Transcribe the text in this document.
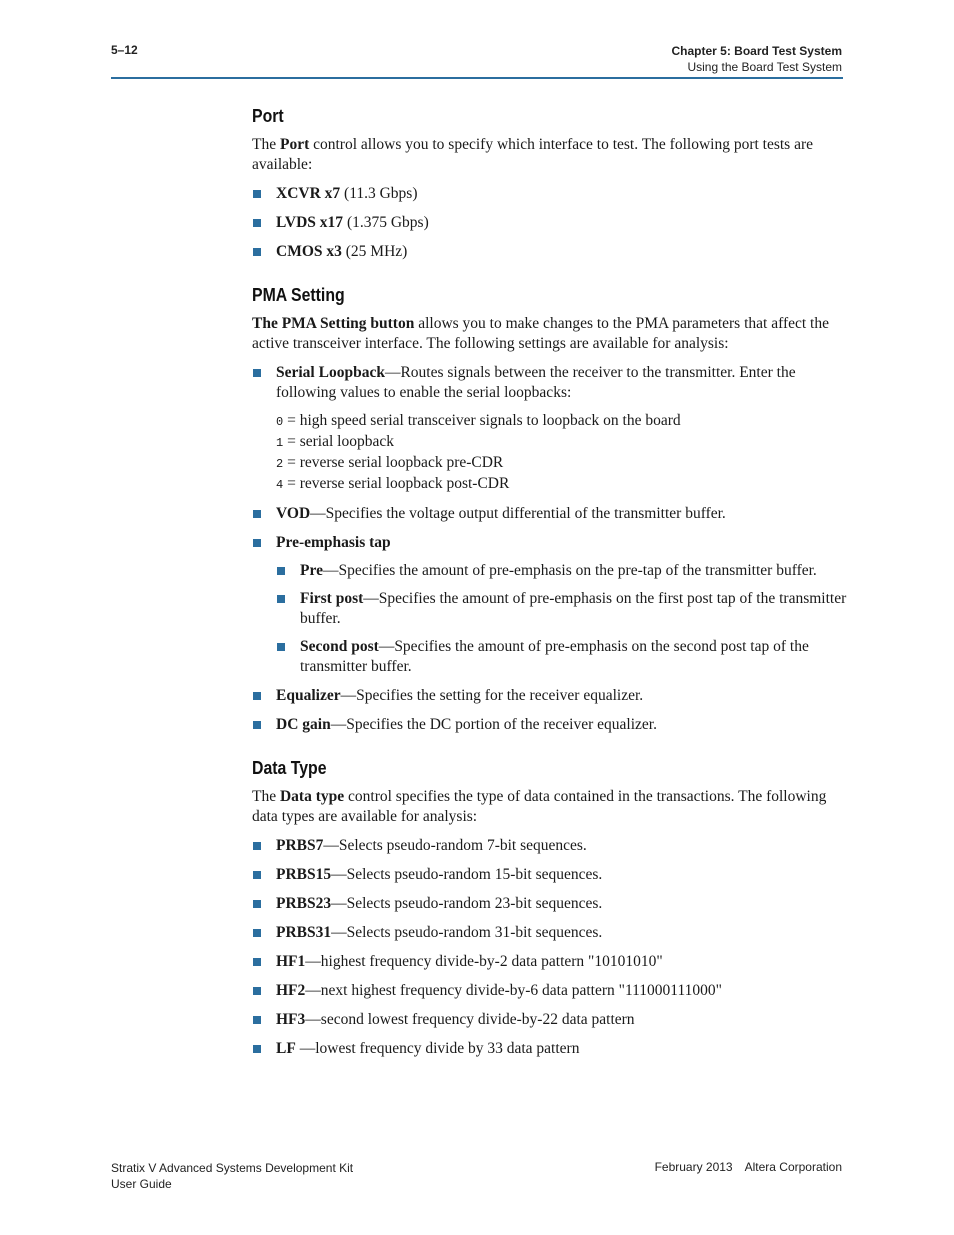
5–12	Chapter 5: Board Test System
Using the Board Test System
Port

The Port control allows you to specify which interface to test. The following port tests are available:

XCVR x7 (11.3 Gbps)
LVDS x17 (1.375 Gbps)
CMOS x3 (25 MHz)
PMA Setting

The PMA Setting button allows you to make changes to the PMA parameters that affect the active transceiver interface. The following settings are available for analysis:

Serial Loopback—Routes signals between the receiver to the transmitter. Enter the following values to enable the serial loopbacks:
0 = high speed serial transceiver signals to loopback on the board
1 = serial loopback
2 = reverse serial loopback pre-CDR
4 = reverse serial loopback post-CDR
VOD—Specifies the voltage output differential of the transmitter buffer.
Pre-emphasis tap
Pre—Specifies the amount of pre-emphasis on the pre-tap of the transmitter buffer.
First post—Specifies the amount of pre-emphasis on the first post tap of the transmitter buffer.
Second post—Specifies the amount of pre-emphasis on the second post tap of the transmitter buffer.
Equalizer—Specifies the setting for the receiver equalizer.
DC gain—Specifies the DC portion of the receiver equalizer.
Data Type

The Data type control specifies the type of data contained in the transactions. The following data types are available for analysis:

PRBS7—Selects pseudo-random 7-bit sequences.
PRBS15—Selects pseudo-random 15-bit sequences.
PRBS23—Selects pseudo-random 23-bit sequences.
PRBS31—Selects pseudo-random 31-bit sequences.
HF1—highest frequency divide-by-2 data pattern "10101010"
HF2—next highest frequency divide-by-6 data pattern "111000111000"
HF3—second lowest frequency divide-by-22 data pattern
LF —lowest frequency divide by 33 data pattern
Stratix V Advanced Systems Development Kit
User Guide
February 2013 Altera Corporation
